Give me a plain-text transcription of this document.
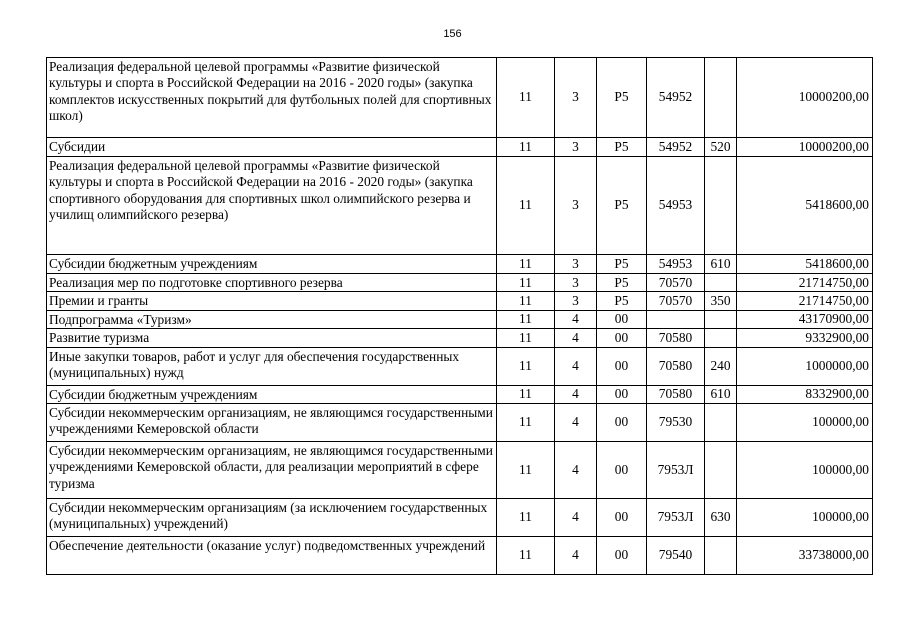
156
Реализация федеральной целевой программы «Развитие физической культуры и спорта в Российской Федерации на 2016 - 2020 годы» (закупка комплектов искусственных покрытий для футбольных полей для спортивных школ)	11	3	Р5	54952		10000200,00
Субсидии	11	3	Р5	54952	520	10000200,00
Реализация федеральной целевой программы «Развитие физической культуры и спорта в Российской Федерации на 2016 - 2020 годы» (закупка спортивного оборудования для спортивных школ олимпийского резерва и училищ олимпийского резерва)	11	3	Р5	54953		5418600,00
Субсидии бюджетным учреждениям	11	3	Р5	54953	610	5418600,00
Реализация мер по подготовке спортивного резерва	11	3	Р5	70570		21714750,00
Премии и гранты	11	3	Р5	70570	350	21714750,00
Подпрограмма «Туризм»	11	4	00			43170900,00
Развитие туризма	11	4	00	70580		9332900,00
Иные закупки товаров, работ и услуг для обеспечения государственных (муниципальных) нужд	11	4	00	70580	240	1000000,00
Субсидии бюджетным учреждениям	11	4	00	70580	610	8332900,00
Субсидии некоммерческим организациям, не являющимся государственными учреждениями Кемеровской области	11	4	00	79530		100000,00
Субсидии некоммерческим организациям, не являющимся государственными учреждениями Кемеровской области, для реализации мероприятий в сфере туризма	11	4	00	7953Л		100000,00
Субсидии некоммерческим организациям (за исключением государственных (муниципальных) учреждений)	11	4	00	7953Л	630	100000,00
Обеспечение деятельности (оказание услуг) подведомственных учреждений	11	4	00	79540		33738000,00
